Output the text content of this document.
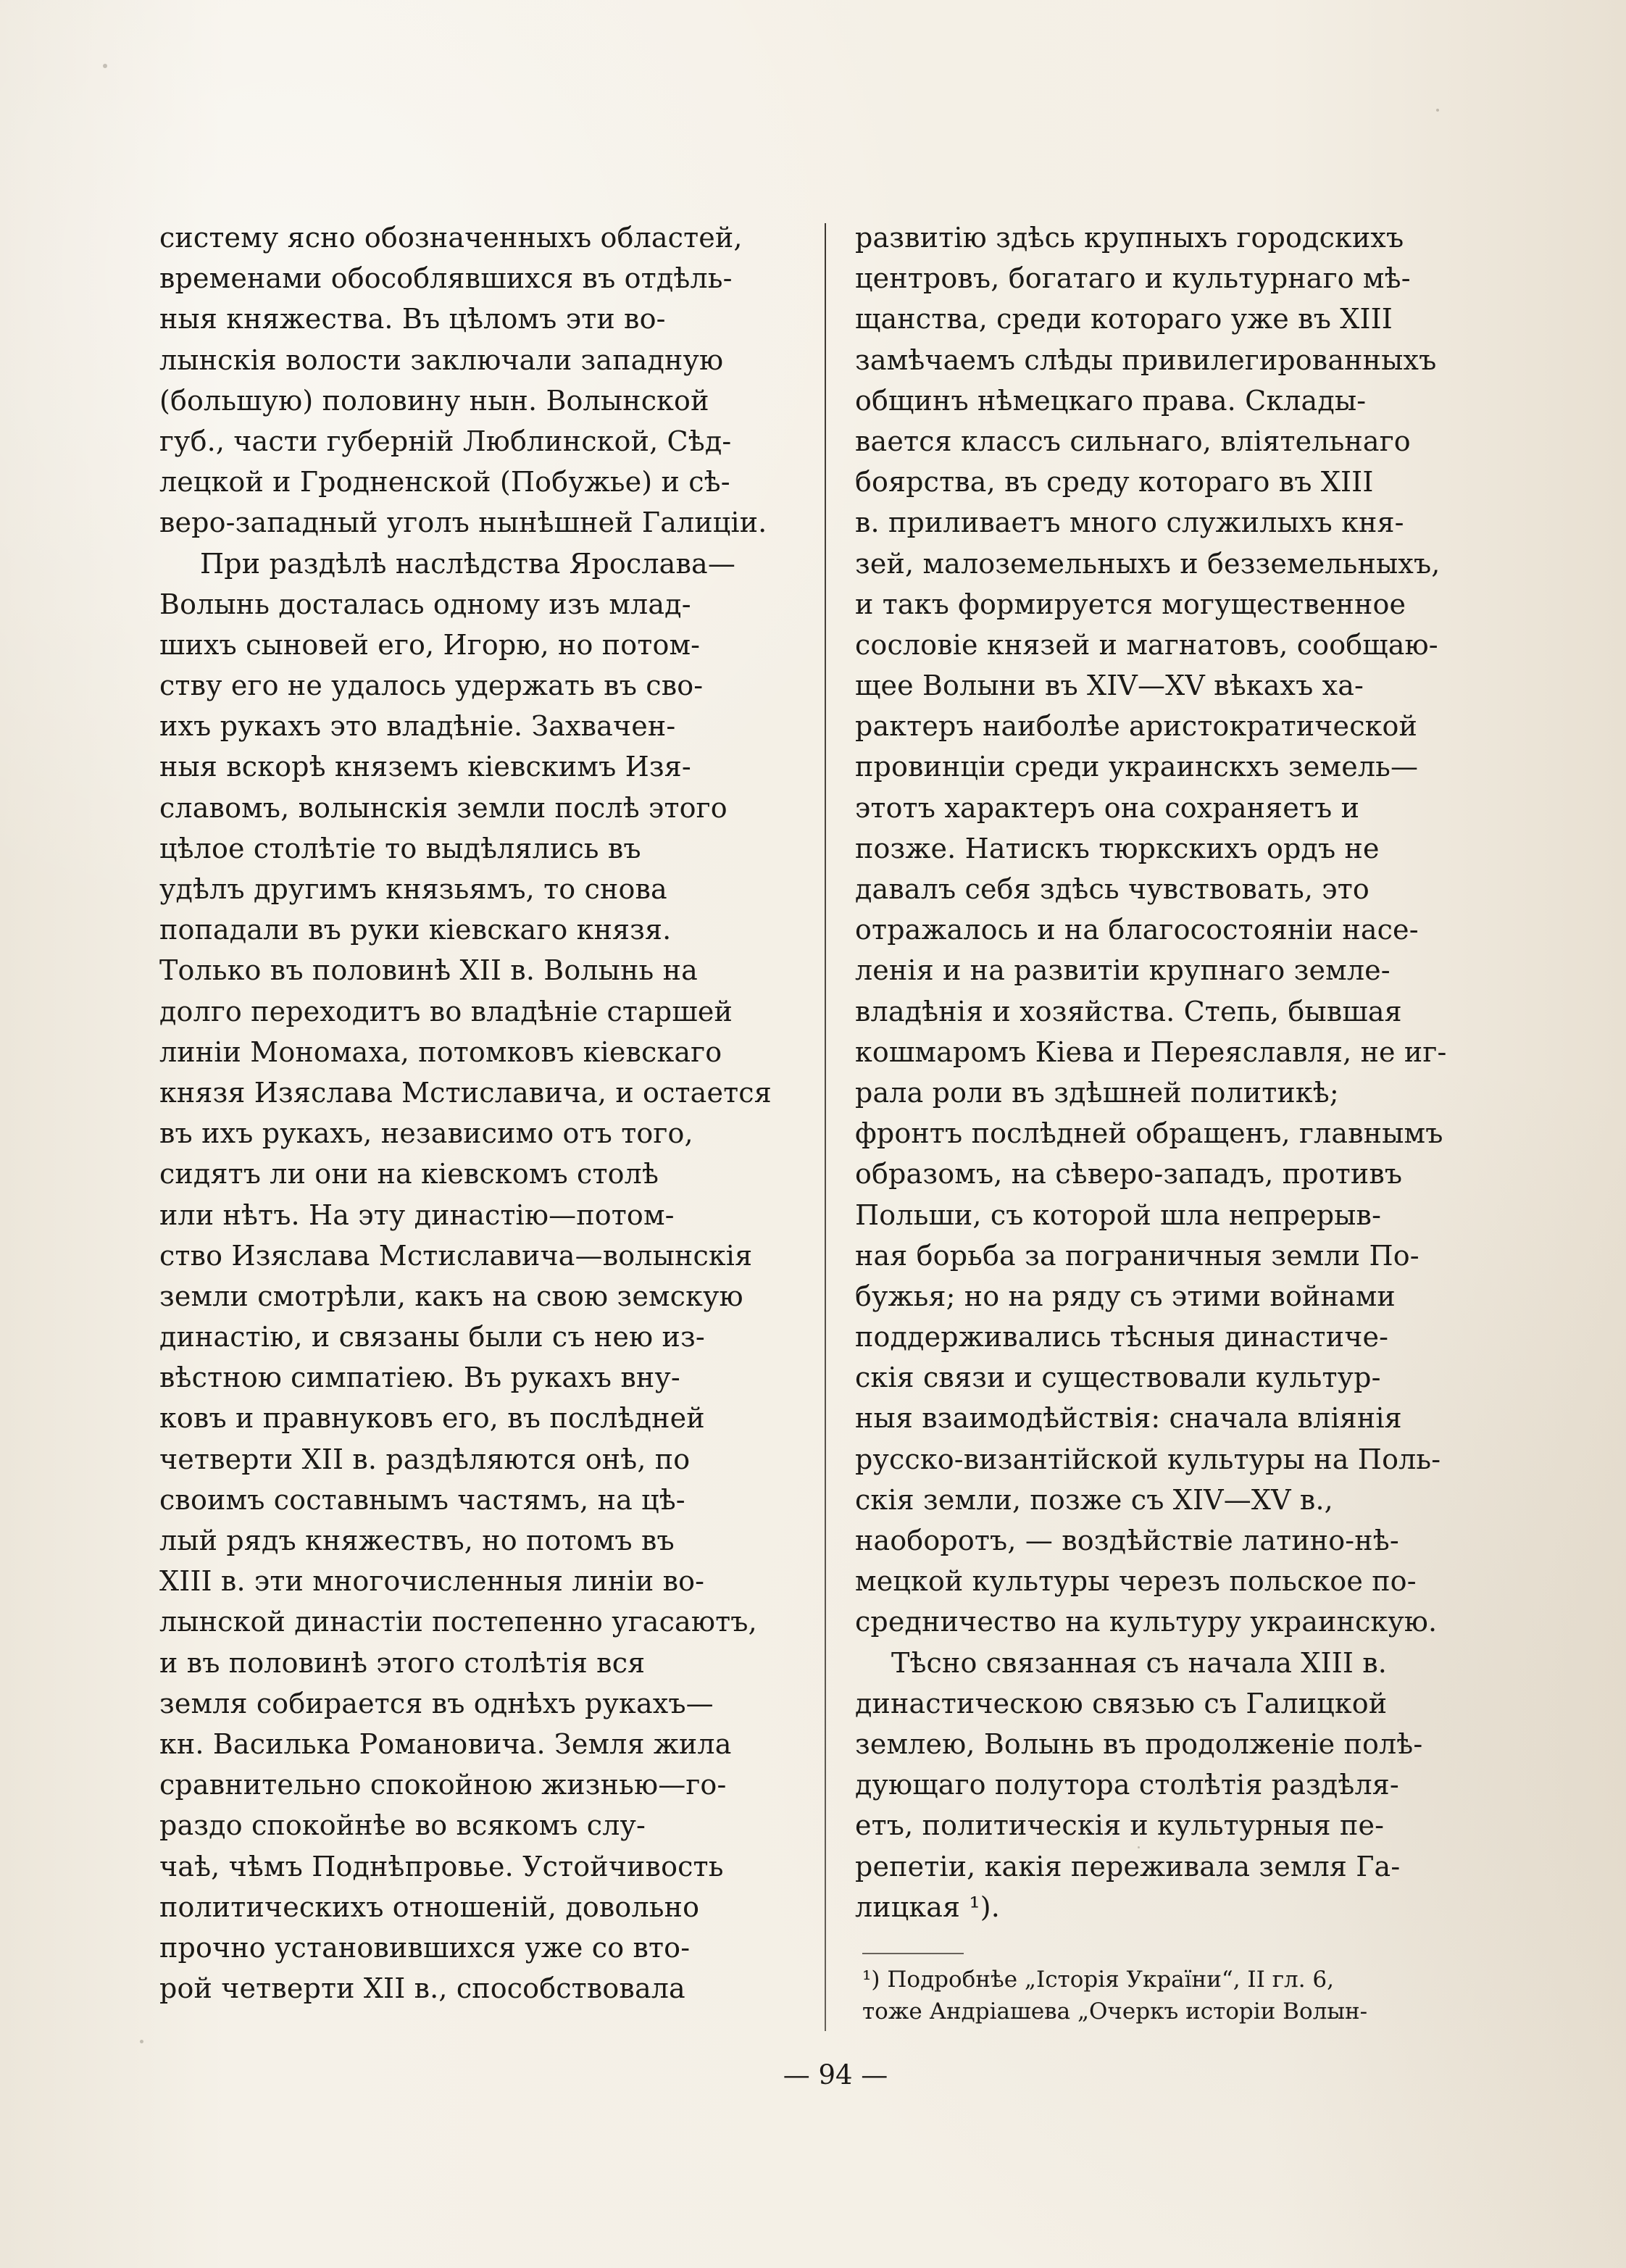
систему ясно обозначенныхъ областей,
временами обособлявшихся въ отдѣль-
ныя княжества. Въ цѣломъ эти во-
лынскія волости заключали западную
(большую) половину нын. Волынской
губ., части губерній Люблинской, Сѣд-
лецкой и Гродненской (Побужье) и сѣ-
веро-западный уголъ нынѣшней Галиціи.
При раздѣлѣ наслѣдства Ярослава—
Волынь досталась одному изъ млад-
шихъ сыновей его, Игорю, но потом-
ству его не удалось удержать въ сво-
ихъ рукахъ это владѣніе. Захвачен-
ныя вскорѣ княземъ кіевскимъ Изя-
славомъ, волынскія земли послѣ этого
цѣлое столѣтіе то выдѣлялись въ
удѣлъ другимъ князьямъ, то снова
попадали въ руки кіевскаго князя.
Только въ половинѣ XII в. Волынь на
долго переходитъ во владѣніе старшей
линіи Мономаха, потомковъ кіевскаго
князя Изяслава Мстиславича, и остается
въ ихъ рукахъ, независимо отъ того,
сидятъ ли они на кіевскомъ столѣ
или нѣтъ. На эту династію—потом-
ство Изяслава Мстиславича—волынскія
земли смотрѣли, какъ на свою земскую
династію, и связаны были съ нею из-
вѣстною симпатіею. Въ рукахъ вну-
ковъ и правнуковъ его, въ послѣдней
четверти XII в. раздѣляются онѣ, по
своимъ составнымъ частямъ, на цѣ-
лый рядъ княжествъ, но потомъ въ
XIII в. эти многочисленныя линіи во-
лынской династіи постепенно угасаютъ,
и въ половинѣ этого столѣтія вся
земля собирается въ однѣхъ рукахъ—
кн. Василька Романовича. Земля жила
сравнительно спокойною жизнью—го-
раздо спокойнѣе во всякомъ слу-
чаѣ, чѣмъ Поднѣпровье. Устойчивость
политическихъ отношеній, довольно
прочно установившихся уже со вто-
рой четверти XII в., способствовала
развитію здѣсь крупныхъ городскихъ
центровъ, богатаго и культурнаго мѣ-
щанства, среди котораго уже въ XIII
замѣчаемъ слѣды привилегированныхъ
общинъ нѣмецкаго права. Склады-
вается классъ сильнаго, вліятельнаго
боярства, въ среду котораго въ XIII
в. приливаетъ много служилыхъ кня-
зей, малоземельныхъ и безземельныхъ,
и такъ формируется могущественное
сословіе князей и магнатовъ, сообщаю-
щее Волыни въ XIV—XV вѣкахъ ха-
рактеръ наиболѣе аристократической
провинціи среди украинскхъ земель—
этотъ характеръ она сохраняетъ и
позже. Натискъ тюркскихъ ордъ не
давалъ себя здѣсь чувствовать, это
отражалось и на благосостояніи насе-
ленія и на развитіи крупнаго земле-
владѣнія и хозяйства. Степь, бывшая
кошмаромъ Кіева и Переяславля, не иг-
рала роли въ здѣшней политикѣ;
фронтъ послѣдней обращенъ, главнымъ
образомъ, на сѣверо-западъ, противъ
Польши, съ которой шла непрерыв-
ная борьба за пограничныя земли По-
бужья; но на ряду съ этими войнами
поддерживались тѣсныя династиче-
скія связи и существовали культур-
ныя взаимодѣйствія: сначала вліянія
русско-византійской культуры на Поль-
скія земли, позже съ XIV—XV в.,
наоборотъ, — воздѣйствіе латино-нѣ-
мецкой культуры черезъ польское по-
средничество на культуру украинскую.
Тѣсно связанная съ начала XIII в.
династическою связью съ Галицкой
землею, Волынь въ продолженіе полѣ-
дующаго полутора столѣтія раздѣля-
етъ, политическія и культурныя пе-
репетіи, какія переживала земля Га-
лицкая ¹).
¹) Подробнѣе „Історія України“, II гл. 6,
тоже Андріашева „Очеркъ исторіи Волын-
— 94 —
